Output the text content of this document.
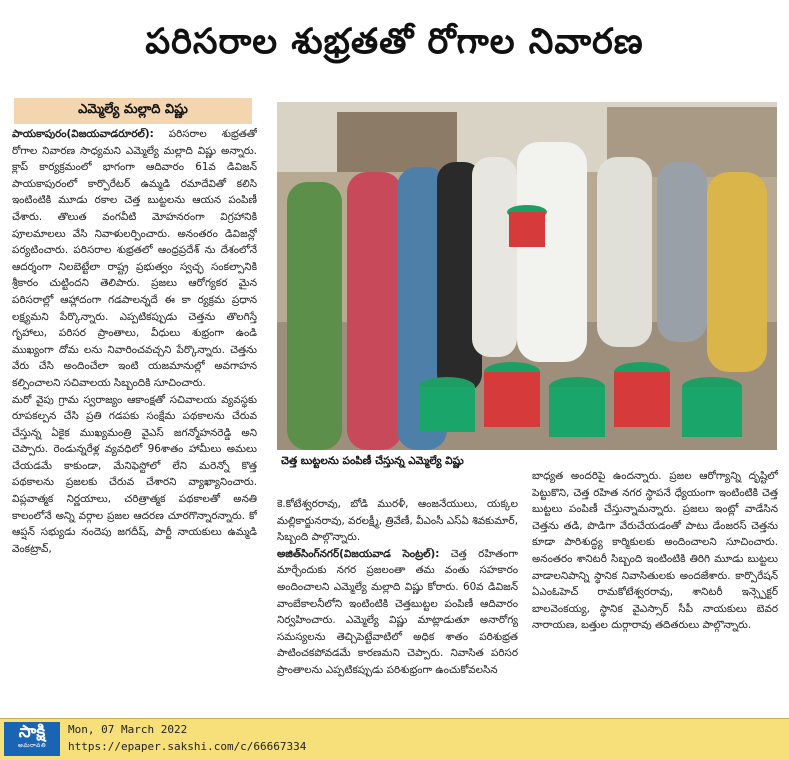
పరిసరాల శుభ్రతతో రోగాల నివారణ
ఎమ్మెల్యే మల్లాది విష్ణు

పాయకాపురం(విజయవాడరూరల్): పరిసరాల శుభ్రతతో రోగాల నివారణ సాధ్యమని ఎమ్మెల్యే మల్లాది విష్ణు అన్నారు. క్లాప్ కార్యక్రమంలో భాగంగా ఆదివారం 61వ డివిజన్ పాయకాపురంలో కార్పొరేటర్ ఉమ్మడి రమాదేవితో కలిసి ఇంటింటికి మూడు రకాల చెత్త బుట్టలను ఆయన పంపిణీ చేశారు. తొలుత వంగవీటి మోహనరంగా విగ్రహానికి పూలమాలలు వేసి నివాళులర్పించారు. అనంతరం డివిజన్లో పర్యటించారు. పరిసరాల శుభ్రతలో ఆంధ్రప్రదేశ్ ను దేశంలోనే ఆదర్శంగా నిలబెట్టేలా రాష్ట్ర ప్రభుత్వం స్వచ్ఛ సంకల్పానికి శ్రీకారం చుట్టిందని తెలిపారు. ప్రజలు ఆరోగ్యకర మైన పరిసరాల్లో ఆహ్లాదంగా గడపాలన్నదే ఈ కా ర్యక్రమ ప్రధాన లక్ష్యమని పేర్కొన్నారు. ఎప్పటికప్పుడు చెత్తను తొలగిస్తే గృహాలు, పరిసర ప్రాంతాలు, వీధులు శుభ్రంగా ఉండి ముఖ్యంగా దోమ లను నివారించవచ్చని పేర్కొన్నారు. చెత్తను వేరు చేసి అందించేలా ఇంటి యజమానుల్లో అవగాహన కల్పించాలని సచివాలయ సిబ్బందికి సూచించారు.

మరో వైపు గ్రామ స్వరాజ్యం ఆకాంక్షతో సచివాలయ వ్యవస్థకు రూపకల్పన చేసి ప్రతి గడపకు సంక్షేమ పథకాలను చేరువ చేస్తున్న ఏకైక ముఖ్యమంత్రి వైఎస్ జగన్మోహనరెడ్డి అని చెప్పారు. రెండున్నరేళ్ల వ్యవధిలో 96శాతం హామీలు అమలు చేయడమే కాకుండా, మేనిఫెస్టోలో లేని మరెన్నో కొత్త పథకాలను ప్రజలకు చేరువ చేశారని వ్యాఖ్యానించారు. విప్లవాత్మక నిర్ణయాలు, చరిత్రాత్మక పథకాలతో అనతి కాలంలోనే అన్ని వర్గాల ప్రజల ఆదరణ చూరగొన్నారన్నారు. కో ఆప్షన్ సభ్యుడు నందెపు జగదీష్, పార్టీ నాయకులు ఉమ్మడి వెంకట్రావ్,

చెత్త బుట్టలను పంపిణీ చేస్తున్న ఎమ్మెల్యే విష్ణు

కె.కోటేశ్వరరావు, బోడి మురళీ, ఆంజనేయులు, యక్కల మల్లికార్జునరావు, వరలక్ష్మీ, త్రివేణీ, వీఎంసీ ఎస్ఏ శివకుమార్, సిబ్బంది పాల్గొన్నారు.

అజిత్‌సింగ్‌నగర్(విజయవాడ సెంట్రల్): చెత్త రహితంగా మార్చేందుకు నగర ప్రజలంతా తమ వంతు సహకారం అందించాలని ఎమ్మెల్యే మల్లాది విష్ణు కోరారు. 60వ డివిజన్ వాంబేకాలనీలోని ఇంటింటికి చెత్తబుట్టల పంపిణీ ఆదివారం నిర్వహించారు. ఎమ్మెల్యే విష్ణు మాట్లాడుతూ అనారోగ్య సమస్యలను తెచ్చిపెట్టేవాటిలో అధిక శాతం పరిశుభ్రత పాటించకపోవడమే కారణమని చెప్పారు. నివాసిత పరిసర ప్రాంతాలను ఎప్పటికప్పుడు పరిశుభ్రంగా ఉంచుకోవలసిన

బాధ్యత అందరిపై ఉందన్నారు. ప్రజల ఆరోగ్యాన్ని దృష్టిలో పెట్టుకొని, చెత్త రహిత నగర స్థాపనే ధ్యేయంగా ఇంటింటికి చెత్త బుట్టలు పంపిణీ చేస్తున్నామన్నారు. ప్రజలు ఇంట్లో వాడేసిన చెత్తను తడి, పొడిగా వేరుచేయడంతో పాటు డేంజరస్ చెత్తను కూడా పారిశుద్ధ్య కార్మికులకు అందించాలని సూచించారు. అనంతరం శానిటరీ సిబ్బంది ఇంటింటికి తిరిగి మూడు బుట్టలు వాడాలనిపాన్ని స్థానిక నివాసితులకు అందజేశారు. కార్పొరేషన్ ఏఎంఓహెచ్ రామకోటేశ్వరరావు, శానిటరీ ఇన్స్పెక్టర్ బాలవెంకయ్య, స్థానిక వైఎస్సార్ సీపీ నాయకులు బెవర నారాయణ, బత్తుల దుర్గారావు తదితరులు పాల్గొన్నారు.

సాక్షి
అమరావతి
Mon, 07 March 2022
https://epaper.sakshi.com/c/66667334
